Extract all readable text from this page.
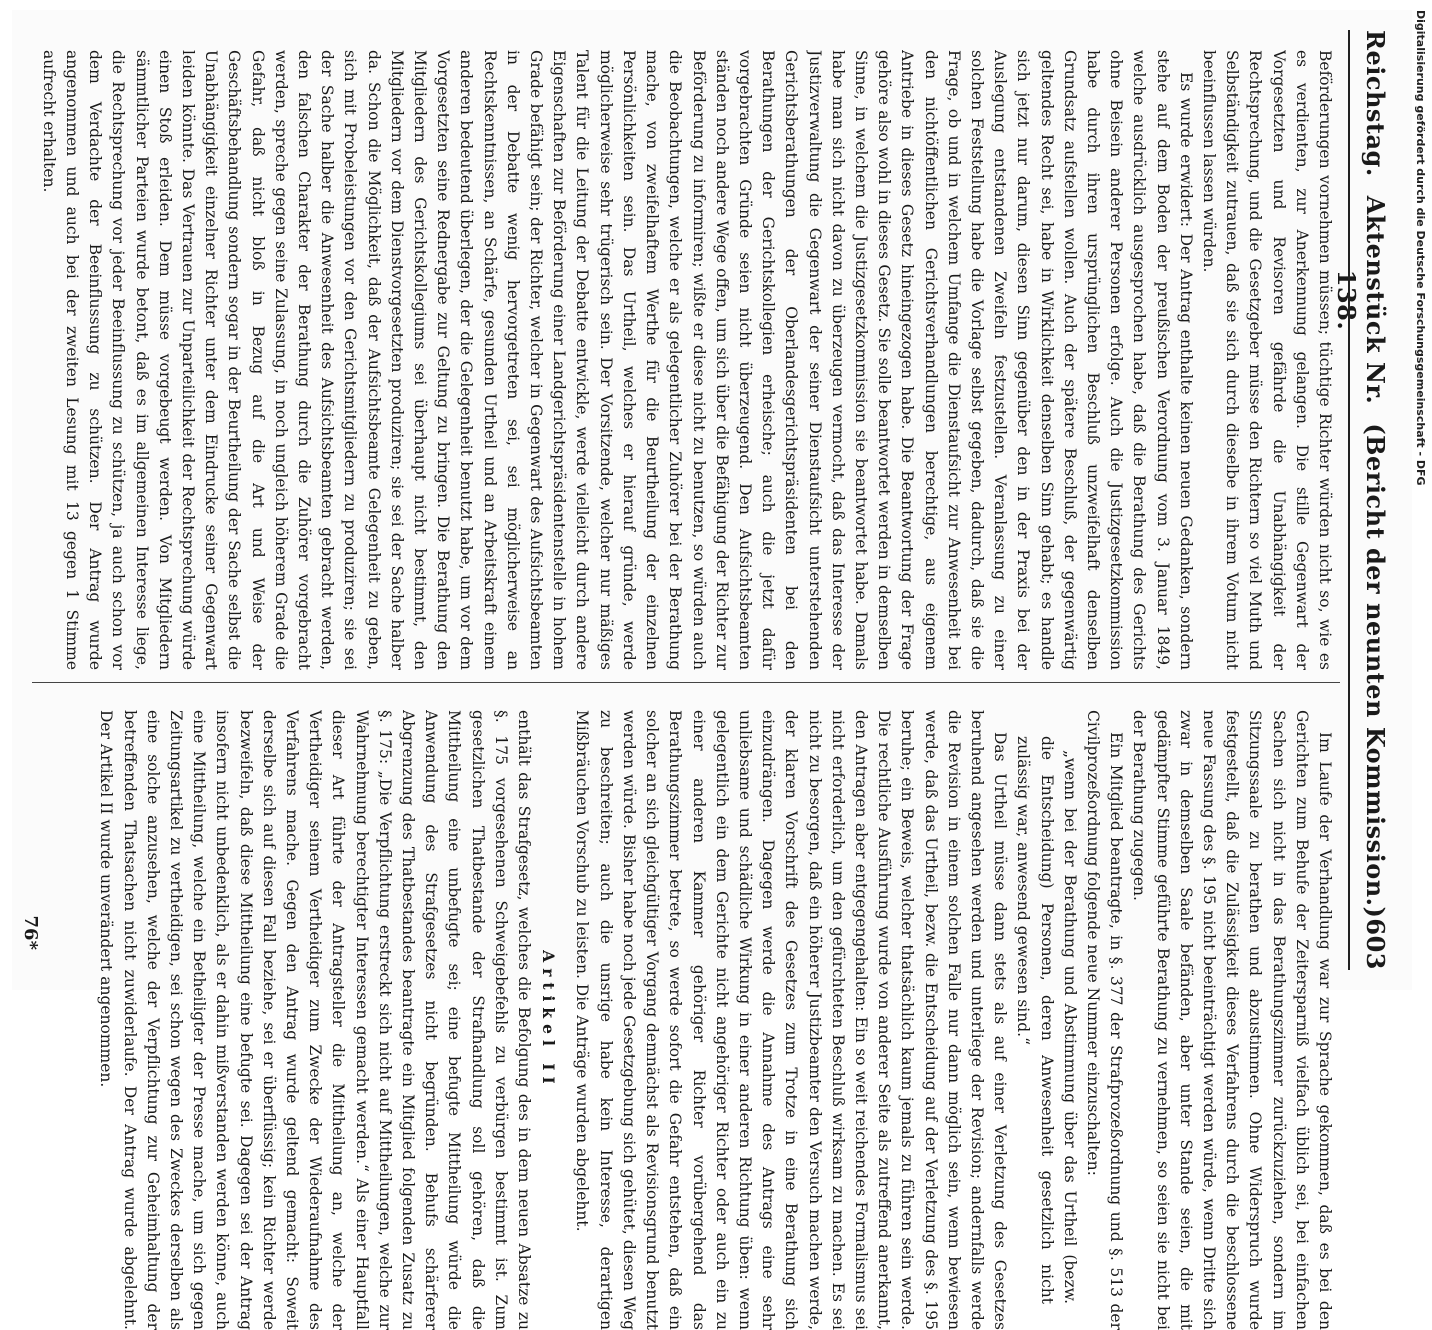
Reichstag.
Aktenstück Nr. 138.
(Bericht der neunten Kommission.)
603

Beförderungen vornehmen müssen; tüchtige Richter würden nicht so, wie es es verdienten, zur Anerkennung gelangen. Die stille Gegenwart der Vorgesetzten und Revisoren gefährde die Unabhängigkeit der Rechtsprechung, und die Gesetzgeber müsse den Richtern so viel Muth und Selbständigkeit zutrauen, daß sie sich durch dieselbe in ihrem Votum nicht beeinflussen lassen würden.

Es wurde erwidert: Der Antrag enthalte keinen neuen Gedanken, sondern stehe auf dem Boden der preußischen Verordnung vom 3. Januar 1849, welche ausdrücklich ausgesprochen habe, daß die Berathung des Gerichts ohne Beisein anderer Personen erfolge. Auch die Justizgesetzkommission habe durch ihren ursprünglichen Beschluß unzweifelhaft denselben Grundsatz aufstellen wollen. Auch der spätere Beschluß, der gegenwärtig geltendes Recht sei, habe in Wirklichkeit denselben Sinn gehabt; es handle sich jetzt nur darum, diesen Sinn gegenüber den in der Praxis bei der Auslegung entstandenen Zweifeln festzustellen. Veranlassung zu einer solchen Feststellung habe die Vorlage selbst gegeben, dadurch, daß sie die Frage, ob und in welchem Umfange die Dienstaufsicht zur Anwesenheit bei den nichtöffentlichen Gerichtsverhandlungen berechtige, aus eigenem Antriebe in dieses Gesetz hineingezogen habe. Die Beantwortung der Frage gehöre also wohl in dieses Gesetz. Sie solle beantwortet werden in demselben Sinne, in welchem die Justizgesetzkommission sie beantwortet habe. Damals habe man sich nicht davon zu überzeugen vermocht, daß das Interesse der Justizverwaltung die Gegenwart der seiner Dienstaufsicht unterstehenden Gerichtsberathungen der Oberlandesgerichtspräsidenten bei den Berathungen der Gerichtskollegien erheische; auch die jetzt dafür vorgebrachten Gründe seien nicht überzeugend. Den Aufsichtsbeamten ständen noch andere Wege offen, um sich über die Befähigung der Richter zur Beförderung zu informiren; wißte er diese nicht zu benutzen, so würden auch die Beobachtungen, welche er als gelegentlicher Zuhörer bei der Berathung mache, von zweifelhaftem Werthe für die Beurtheilung der einzelnen Persönlichkeiten sein. Das Urtheil, welches er hierauf gründe, werde möglicherweise sehr trügerisch sein. Der Vorsitzende, welcher nur mäßiges Talent für die Leitung der Debatte entwickle, werde vielleicht durch andere Eigenschaften zur Beförderung einer Landgerichtspräsidentenstelle in hohem Grade befähigt sein; der Richter, welcher in Gegenwart des Aufsichtsbeamten in der Debatte wenig hervorgetreten sei, sei möglicherweise an Rechtskenntnissen, an Schärfe, gesunden Urtheil und an Arbeitskraft einem anderen bedeutend überlegen, der die Gelegenheit benutzt habe, um vor dem Vorgesetzten seine Rednergabe zur Geltung zu bringen. Die Berathung den Mitgliedern des Gerichtskollegiums sei überhaupt nicht bestimmt, den Mitgliedern vor dem Dienstvorgesetzten produziren; sie sei der Sache halber da. Schon die Möglichkeit, daß der Aufsichtsbeamte Gelegenheit zu geben, sich mit Probeleistungen vor den Gerichtsmitgliedern zu produziren; sie sei der Sache halber die Anwesenheit des Aufsichtsbeamten gebracht werden, den falschen Charakter der Berathung durch die Zuhörer vorgebracht werden, spreche gegen seine Zulassung, in noch ungleich höherem Grade die Gefahr, daß nicht bloß in Bezug auf die Art und Weise der Geschäftsbehandlung sondern sogar in der Beurtheilung der Sache selbst die Unabhängigkeit einzelner Richter unter dem Eindrucke seiner Gegenwart leiden könnte. Das Vertrauen zur Unparteilichkeit der Rechtsprechung würde einen Stoß erleiden. Dem müsse vorgebeugt werden. Von Mitgliedern sämmtlicher Parteien wurde betont, daß es im allgemeinen Interesse liege, die Rechtsprechung vor jeder Beeinflussung zu schützen, ja auch schon vor dem Verdachte der Beeinflussung zu schützen. Der Antrag wurde angenommen und auch bei der zweiten Lesung mit 13 gegen 1 Stimme aufrecht erhalten.

Im Laufe der Verhandlung war zur Sprache gekommen, daß es bei den Gerichten zum Behufe der Zeitersparniß vielfach üblich sei, bei einfachen Sachen sich nicht in das Berathungszimmer zurückzuziehen, sondern im Sitzungssaale zu berathen und abzustimmen. Ohne Widerspruch wurde festgestellt, daß die Zulässigkeit dieses Verfahrens durch die beschlossene neue Fassung des §. 195 nicht beeinträchtigt werden würde, wenn Dritte sich zwar in demselben Saale befänden, aber unter Stande seien, die mit gedämpfter Stimme geführte Berathung zu vernehmen, so seien sie nicht bei der Berathung zugegen.

Ein Mitglied beantragte, in §. 377 der Strafprozeßordnung und §. 513 der Civilprozeßordnung folgende neue Nummer einzuschalten:

„wenn bei der Berathung und Abstimmung über das Urtheil (bezw. die Entscheidung) Personen, deren Anwesenheit gesetzlich nicht zulässig war, anwesend gewesen sind.“

Das Urtheil müsse dann stets als auf einer Verletzung des Gesetzes beruhend angesehen werden und unterliege der Revision; andernfalls werde die Revision in einem solchen Falle nur dann möglich sein, wenn bewiesen werde, daß das Urtheil, bezw. die Entscheidung auf der Verletzung des §. 195 beruhe; ein Beweis, welcher thatsächlich kaum jemals zu führen sein werde. Die rechtliche Ausführung wurde von anderer Seite als zutreffend anerkannt, den Antragen aber entgegengehalten: Ein so weit reichendes Formalismus sei nicht erforderlich, um den gefürchteten Beschluß wirksam zu machen. Es sei nicht zu besorgen, daß ein höherer Justizbeamter den Versuch machen werde, der klaren Vorschrift des Gesetzes zum Trotze in eine Berathung sich einzudrängen. Dagegen werde die Annahme des Antrags eine sehr unliebsame und schädliche Wirkung in einer anderen Richtung üben: wenn gelegentlich ein dem Gerichte nicht angehöriger Richter oder auch ein zu einer anderen Kammer gehöriger Richter vorübergehend das Berathungszimmer betrete, so werde sofort die Gefahr entstehen, daß ein solcher an sich gleichgültiger Vorgang demnächst als Revisionsgrund benutzt werden würde. Bisher habe noch jede Gesetzgebung sich gehütet, diesen Weg zu beschreiten; auch die unsrige habe kein Interesse, derartigen Mißbräuchen Vorschub zu leisten. Die Anträge wurden abgelehnt.

Artikel II

enthält das Strafgesetz, welches die Befolgung des in dem neuen Absatze zu §. 175 vorgesehenen Schweigebefehls zu verbürgen bestimmt ist. Zum gesetzlichen Thatbestande der Strafhandlung soll gehören, daß die Mittheilung eine unbefugte sei; eine befugte Mittheilung würde die Anwendung des Strafgesetzes nicht begründen. Behufs schärferer Abgrenzung des Thatbestandes beantragte ein Mitglied folgenden Zusatz zu §. 175: „Die Verpflichtung erstreckt sich nicht auf Mittheilungen, welche zur Wahrnehmung berechtigter Interessen gemacht werden.“ Als einer Hauptfall dieser Art führte der Antragsteller die Mittheilung an, welche der Vertheidiger seinem Vertheidiger zum Zwecke der Wiederaufnahme des Verfahrens mache. Gegen den Antrag wurde geltend gemacht: Soweit derselbe sich auf diesen Fall beziehe, sei er überflüssig; kein Richter werde bezweifeln, daß diese Mittheilung eine befugte sei. Dagegen sei der Antrag insofern nicht unbedenklich, als er dahin mißverstanden werden könne, auch eine Mittheilung, welche ein Betheiligter der Presse mache, um sich gegen Zeitungsartikel zu vertheidigen, sei schon wegen des Zweckes derselben als eine solche anzusehen, welche der Verpflichtung zur Geheimhaltung der betreffenden Thatsachen nicht zuwiderlaufe. Der Antrag wurde abgelehnt. Der Artikel II wurde unverändert angenommen.

76*
Digitalisierung gefördert durch die Deutsche Forschungsgemeinschaft - DFG
